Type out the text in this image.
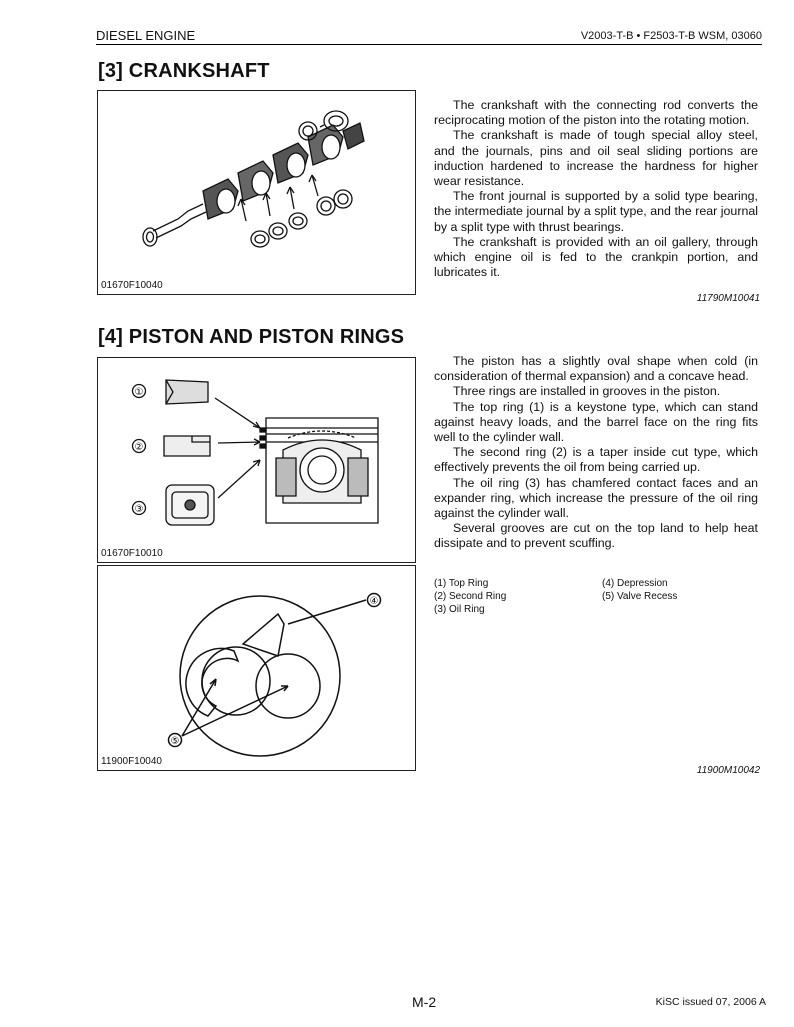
DIESEL ENGINE	V2003-T-B • F2503-T-B WSM, 03060
[3] CRANKSHAFT
01670F10040

The crankshaft with the connecting rod converts the reciprocating motion of the piston into the rotating motion.

The crankshaft is made of tough special alloy steel, and the journals, pins and oil seal sliding portions are induction hardened to increase the hardness for higher wear resistance.

The front journal is supported by a solid type bearing, the intermediate journal by a split type, and the rear journal by a split type with thrust bearings.

The crankshaft is provided with an oil gallery, through which engine oil is fed to the crankpin portion, and lubricates it.

11790M10041
[4] PISTON AND PISTON RINGS
①
②
③
01670F10010
④
⑤
11900F10040

The piston has a slightly oval shape when cold (in consideration of thermal expansion) and a concave head.

Three rings are installed in grooves in the piston.

The top ring (1) is a keystone type, which can stand against heavy loads, and the barrel face on the ring fits well to the cylinder wall.

The second ring (2) is a taper inside cut type, which effectively prevents the oil from being carried up.

The oil ring (3) has chamfered contact faces and an expander ring, which increase the pressure of the oil ring against the cylinder wall.

Several grooves are cut on the top land to help heat dissipate and to prevent scuffing.

(1) Top Ring
(2) Second Ring
(3) Oil Ring
(4) Depression
(5) Valve Recess
11900M10042
M-2	KiSC issued 07, 2006 A
